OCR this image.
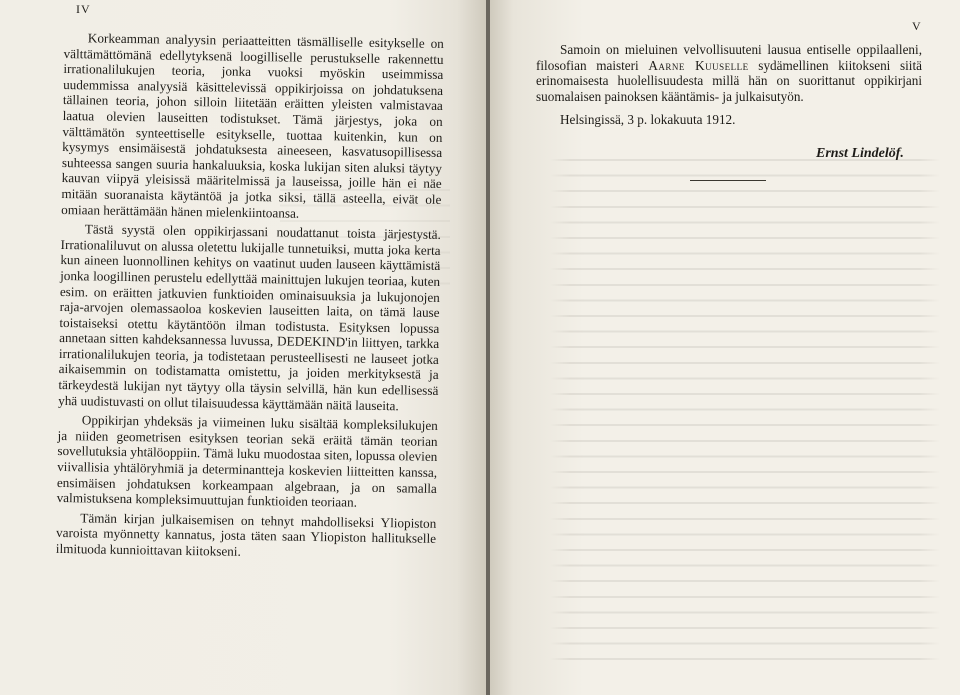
IV

Korkeamman analyysin periaatteitten täsmälliselle esitykselle on välttämättömänä edellytyksenä loogilliselle perustukselle rakennettu irrationalilukujen teoria, jonka vuoksi myöskin useimmissa uudemmissa analyysiä käsittelevissä oppikirjoissa on johdatuksena tällainen teoria, johon silloin liitetään eräitten yleisten valmistavaa laatua olevien lauseitten todistukset. Tämä järjestys, joka on välttämätön synteettiselle esitykselle, tuottaa kuitenkin, kun on kysymys ensimäisestä johdatuksesta aineeseen, kasvatusopillisessa suhteessa sangen suuria hankaluuksia, koska lukijan siten aluksi täytyy kauvan viipyä yleisissä määritelmissä ja lauseissa, joille hän ei näe mitään suoranaista käytäntöä ja jotka siksi, tällä asteella, eivät ole omiaan herättämään hänen mielenkiintoansa.

Tästä syystä olen oppikirjassani noudattanut toista järjestystä. Irrationaliluvut on alussa oletettu lukijalle tunnetuiksi, mutta joka kerta kun aineen luonnollinen kehitys on vaatinut uuden lauseen käyttämistä jonka loogillinen perustelu edellyttää mainittujen lukujen teoriaa, kuten esim. on eräitten jatkuvien funktioiden ominaisuuksia ja lukujonojen raja-arvojen olemassaoloa koskevien lauseitten laita, on tämä lause toistaiseksi otettu käytäntöön ilman todistusta. Esityksen lopussa annetaan sitten kahdeksannessa luvussa, DEDEKIND'in liittyen, tarkka irrationalilukujen teoria, ja todistetaan perusteellisesti ne lauseet jotka aikaisemmin on todistamatta omistettu, ja joiden merkityksestä ja tärkeydestä lukijan nyt täytyy olla täysin selvillä, hän kun edellisessä yhä uudistuvasti on ollut tilaisuudessa käyttämään näitä lauseita.

Oppikirjan yhdeksäs ja viimeinen luku sisältää kompleksilukujen ja niiden geometrisen esityksen teorian sekä eräitä tämän teorian sovellutuksia yhtälöoppiin. Tämä luku muodostaa siten, lopussa olevien viivallisia yhtälöryhmiä ja determinantteja koskevien liitteitten kanssa, ensimäisen johdatuksen korkeampaan algebraan, ja on samalla valmistuksena kompleksimuuttujan funktioiden teoriaan.

Tämän kirjan julkaisemisen on tehnyt mahdolliseksi Yliopiston varoista myönnetty kannatus, josta täten saan Yliopiston hallitukselle ilmituoda kunnioittavan kiitokseni.

V

Samoin on mieluinen velvollisuuteni lausua entiselle oppilaalleni, filosofian maisteri Aarne Kuuselle sydämellinen kiitokseni siitä erinomaisesta huolellisuudesta millä hän on suorittanut oppikirjani suomalaisen painoksen kääntämis- ja julkaisutyön.

Helsingissä, 3 p. lokakuuta 1912.
Ernst Lindelöf.
